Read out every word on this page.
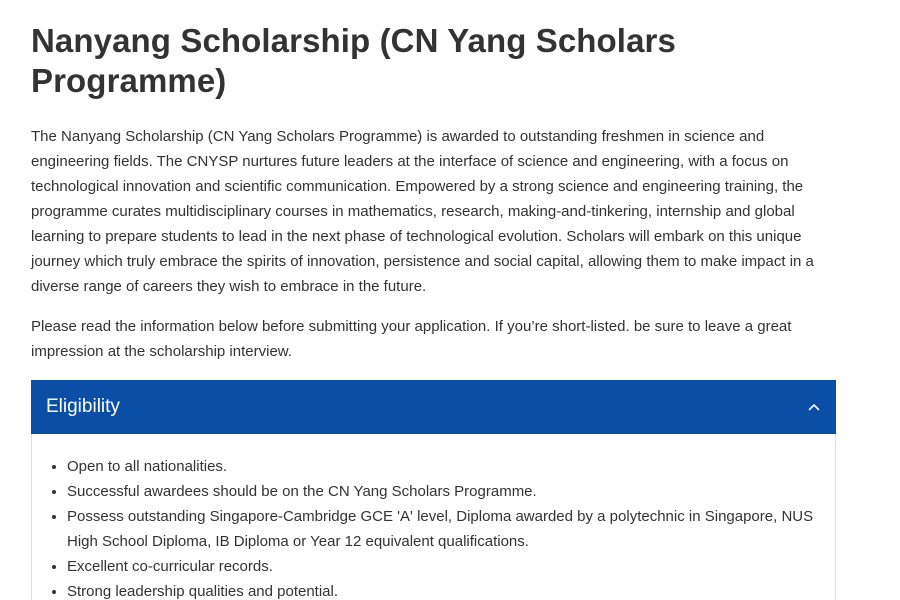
Nanyang Scholarship (CN Yang Scholars Programme)

The Nanyang Scholarship (CN Yang Scholars Programme) is awarded to outstanding freshmen in science and engineering fields. The CNYSP nurtures future leaders at the interface of science and engineering, with a focus on technological innovation and scientific communication. Empowered by a strong science and engineering training, the programme curates multidisciplinary courses in mathematics, research, making-and-tinkering, internship and global learning to prepare students to lead in the next phase of technological evolution. Scholars will embark on this unique journey which truly embrace the spirits of innovation, persistence and social capital, allowing them to make impact in a diverse range of careers they wish to embrace in the future.

Please read the information below before submitting your application. If you’re short-listed. be sure to leave a great impression at the scholarship interview.

Eligibility
• Open to all nationalities.
• Successful awardees should be on the CN Yang Scholars Programme.
• Possess outstanding Singapore-Cambridge GCE 'A' level, Diploma awarded by a polytechnic in Singapore, NUS High School Diploma, IB Diploma or Year 12 equivalent qualifications.
• Excellent co-curricular records.
• Strong leadership qualities and potential.
